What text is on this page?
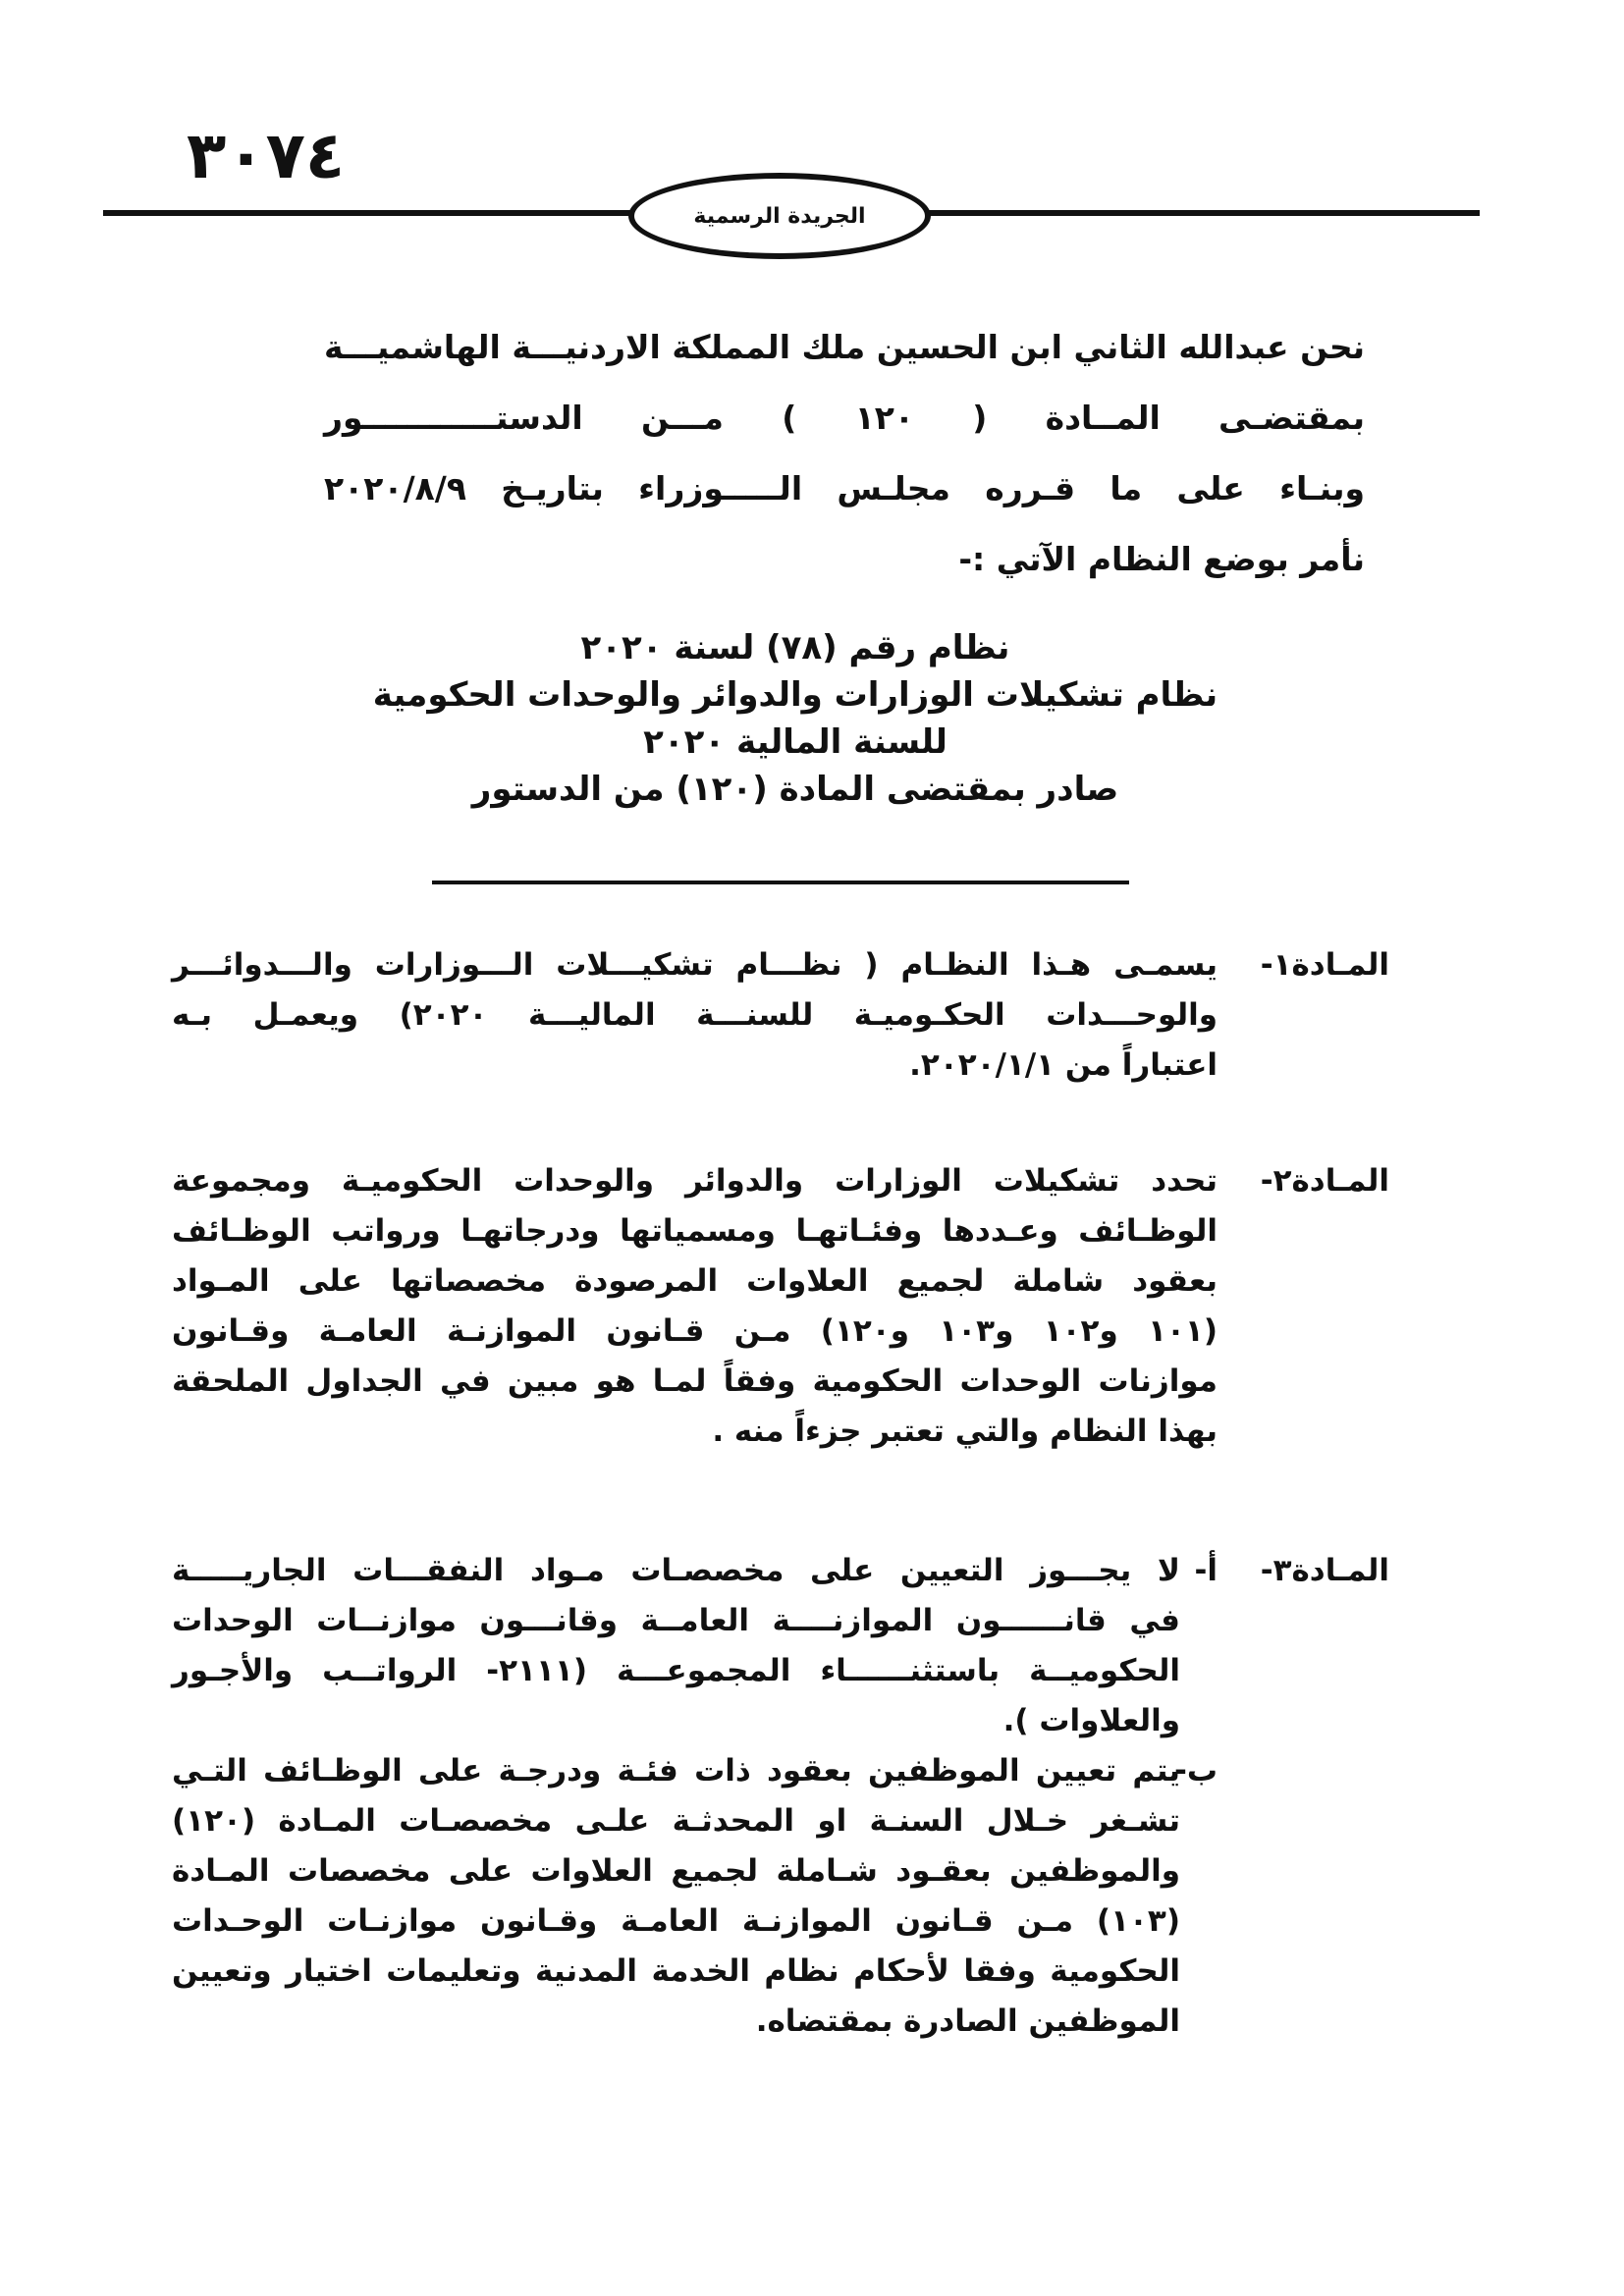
٣٠٧٤
الجريدة الرسمية
نحن عبدالله الثاني ابن الحسين ملك المملكة الاردنيـــة الهاشميـــة
بمقتضـى المــادة ( ١٢٠ ) مـــن الدستــــــــــــور
وبنـاء على ما قـرره مجلـس الـــــوزراء بتاريـخ ٢٠٢٠/٨/٩
نأمر بوضع النظام الآتي :-
نظام رقم (٧٨) لسنة ٢٠٢٠
نظام تشكيلات الوزارات والدوائر والوحدات الحكومية
للسنة المالية ٢٠٢٠
صادر بمقتضى المادة (١٢٠) من الدستور
المـادة١-
يسمـى هـذا النظـام ( نظـــام تشكيـــلات الـــوزارات والـــدوائـــر
والوحـــدات الحكـوميـة للسنـــة الماليـــة ٢٠٢٠) ويعمـل بـه
اعتباراً من ٢٠٢٠/١/١.
المـادة٢-
تحدد تشكيلات الوزارات والدوائر والوحدات الحكوميـة ومجموعة
الوظـائف وعـددها وفئـاتهـا ومسمياتها ودرجاتهـا ورواتب الوظـائف
بعقود شاملة لجميع العلاوات المرصودة مخصصاتها على المـواد
(١٠١ و١٠٢ و١٠٣ و١٢٠) مـن قـانون الموازنـة العامـة وقـانون
موازنات الوحدات الحكومية وفقاً لمـا هو مبين في الجداول الملحقة
بهذا النظام والتي تعتبر جزءاً منه .
المـادة٣-
أ-
لا يجـــوز التعيين على مخصصـات مـواد النفقـــات الجاريـــــة
في قانــــــون الموازنــــة العامــة وقانـــون موازنــات الوحدات
الحكوميــة باستثنــــــاء المجموعـــة (٢١١١- الرواتــب والأجـور
والعلاوات ).
ب-
يتم تعيين الموظفين بعقود ذات فئـة ودرجـة على الوظـائف التـي
تشـغر خـلال السنـة او المحدثـة علـى مخصصـات المـادة (١٢٠)
والموظفين بعقـود شـاملة لجميع العلاوات على مخصصات المـادة
(١٠٣) مـن قـانون الموازنـة العامـة وقـانون موازنـات الوحـدات
الحكومية وفقا لأحكام نظام الخدمة المدنية وتعليمات اختيار وتعيين
الموظفين الصادرة بمقتضاه.
